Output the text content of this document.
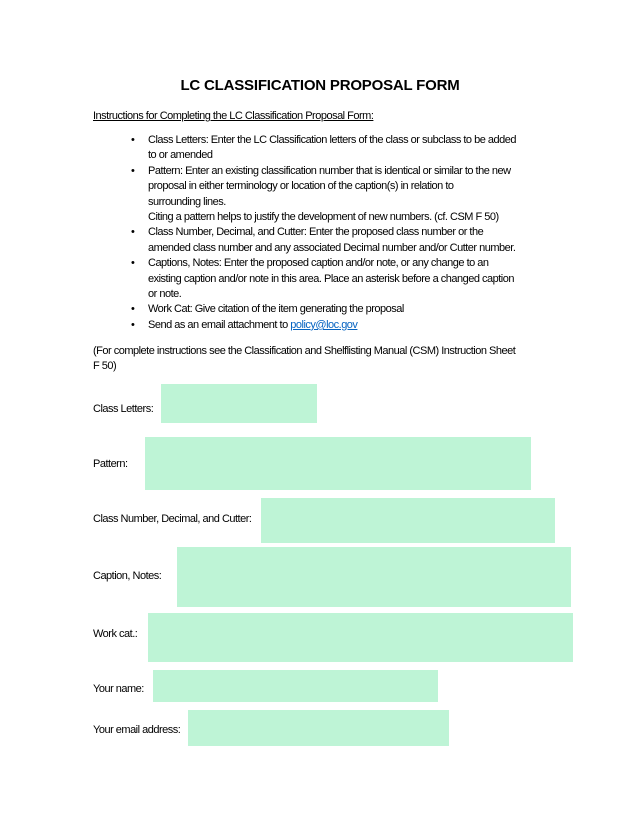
LC CLASSIFICATION PROPOSAL FORM
Instructions for Completing the LC Classification Proposal Form:
• Class Letters: Enter the LC Classification letters of the class or subclass to be added
to or amended
• Pattern: Enter an existing classification number that is identical or similar to the new
proposal in either terminology or location of the caption(s) in relation to
surrounding lines.
Citing a pattern helps to justify the development of new numbers. (cf. CSM F 50)
• Class Number, Decimal, and Cutter: Enter the proposed class number or the
amended class number and any associated Decimal number and/or Cutter number.
• Captions, Notes: Enter the proposed caption and/or note, or any change to an
existing caption and/or note in this area. Place an asterisk before a changed caption
or note.
• Work Cat: Give citation of the item generating the proposal
• Send as an email attachment to policy@loc.gov
(For complete instructions see the Classification and Shelflisting Manual (CSM) Instruction Sheet
F 50)
Class Letters:
Pattern:
Class Number, Decimal, and Cutter:
Caption, Notes:
Work cat.:
Your name:
Your email address:
